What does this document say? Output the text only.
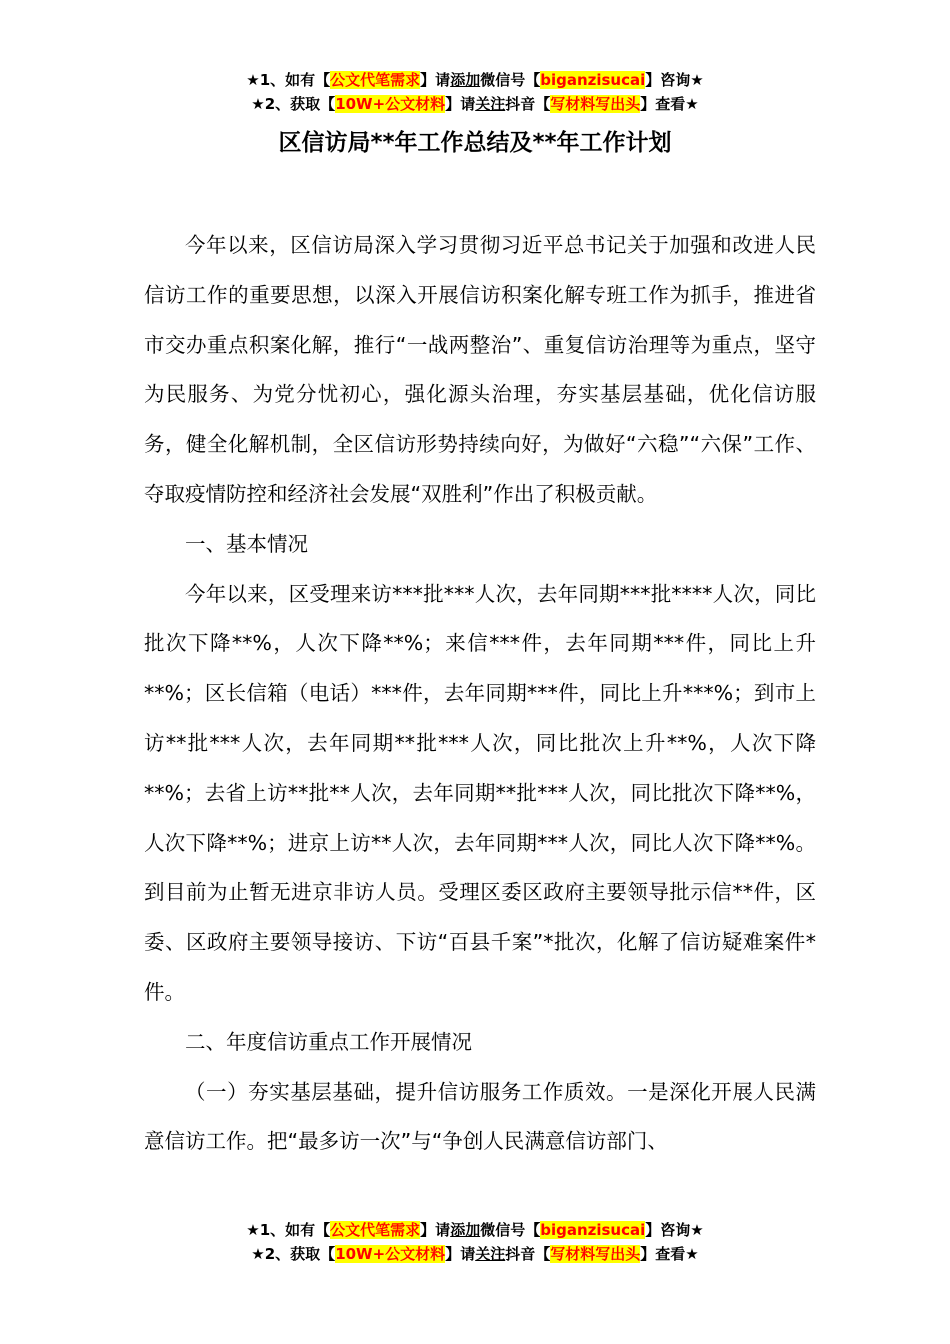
★1、如有【公文代笔需求】请添加微信号【biganzisucai】咨询★
★2、获取【10W+公文材料】请关注抖音【写材料写出头】查看★
区信访局**年工作总结及**年工作计划

今年以来，区信访局深入学习贯彻习近平总书记关于加强和改进人民信访工作的重要思想，以深入开展信访积案化解专班工作为抓手，推进省市交办重点积案化解，推行“一战两整治”、重复信访治理等为重点，坚守为民服务、为党分忧初心，强化源头治理，夯实基层基础，优化信访服务，健全化解机制，全区信访形势持续向好，为做好“六稳”“六保”工作、夺取疫情防控和经济社会发展“双胜利”作出了积极贡献。

一、基本情况

今年以来，区受理来访***批***人次，去年同期***批****人次，同比批次下降**%，人次下降**%；来信***件，去年同期***件，同比上升**%；区长信箱（电话）***件，去年同期***件，同比上升***%；到市上访**批***人次，去年同期**批***人次，同比批次上升**%，人次下降**%；去省上访**批**人次，去年同期**批***人次，同比批次下降**%，人次下降**%；进京上访**人次，去年同期***人次，同比人次下降**%。到目前为止暂无进京非访人员。受理区委区政府主要领导批示信**件，区委、区政府主要领导接访、下访“百县千案”*批次，化解了信访疑难案件*件。

二、年度信访重点工作开展情况

（一）夯实基层基础，提升信访服务工作质效。一是深化开展人民满意信访工作。把“最多访一次”与“争创人民满意信访部门、

★1、如有【公文代笔需求】请添加微信号【biganzisucai】咨询★
★2、获取【10W+公文材料】请关注抖音【写材料写出头】查看★
